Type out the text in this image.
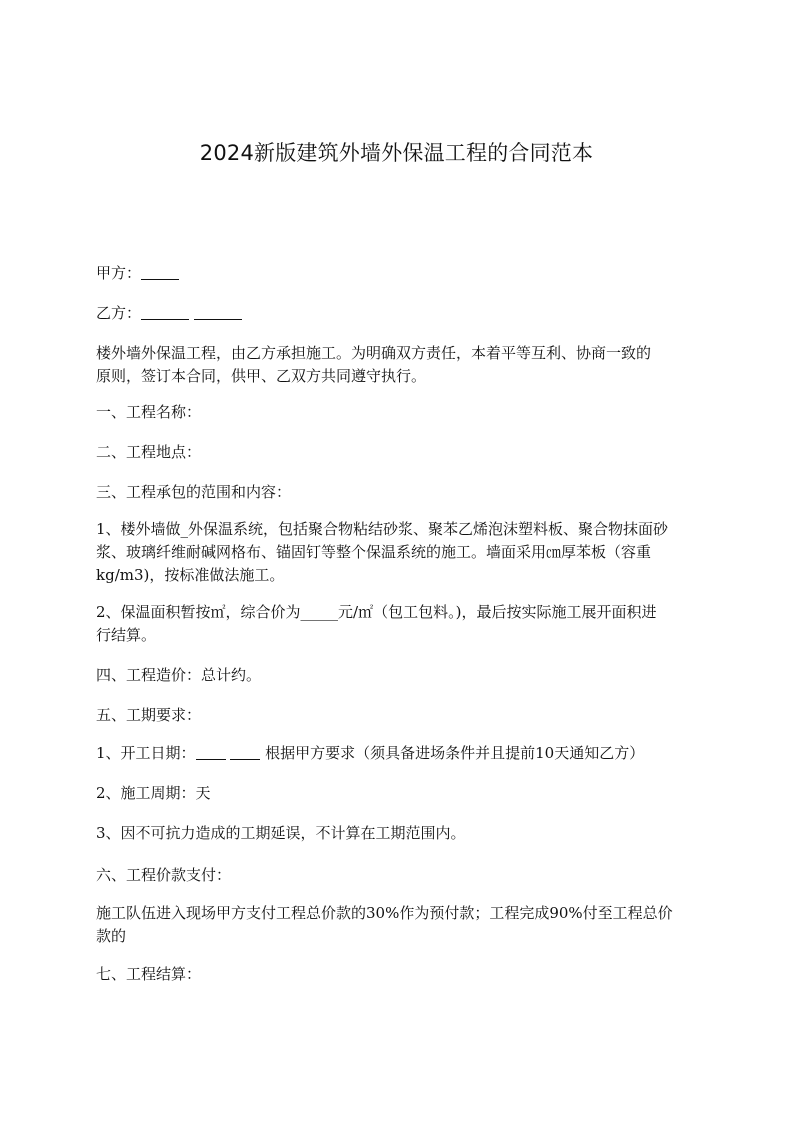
2024新版建筑外墙外保温工程的合同范本
甲方：
乙方：
楼外墙外保温工程，由乙方承担施工。为明确双方责任，本着平等互利、协商一致的
原则，签订本合同，供甲、乙双方共同遵守执行。
一、工程名称：
二、工程地点：
三、工程承包的范围和内容：
1、楼外墙做_外保温系统，包括聚合物粘结砂浆、聚苯乙烯泡沫塑料板、聚合物抹面砂
浆、玻璃纤维耐碱网格布、锚固钉等整个保温系统的施工。墙面采用㎝厚苯板（容重
kg/m3)，按标准做法施工。
2、保温面积暂按㎡，综合价为_____元/㎡（包工包料。)，最后按实际施工展开面积进
行结算。
四、工程造价：总计约。
五、工期要求：
1、开工日期：	根据甲方要求（须具备进场条件并且提前10天通知乙方）
2、施工周期：天
3、因不可抗力造成的工期延误，不计算在工期范围内。
六、工程价款支付：
施工队伍进入现场甲方支付工程总价款的30%作为预付款；工程完成90%付至工程总价
款的
七、工程结算：
